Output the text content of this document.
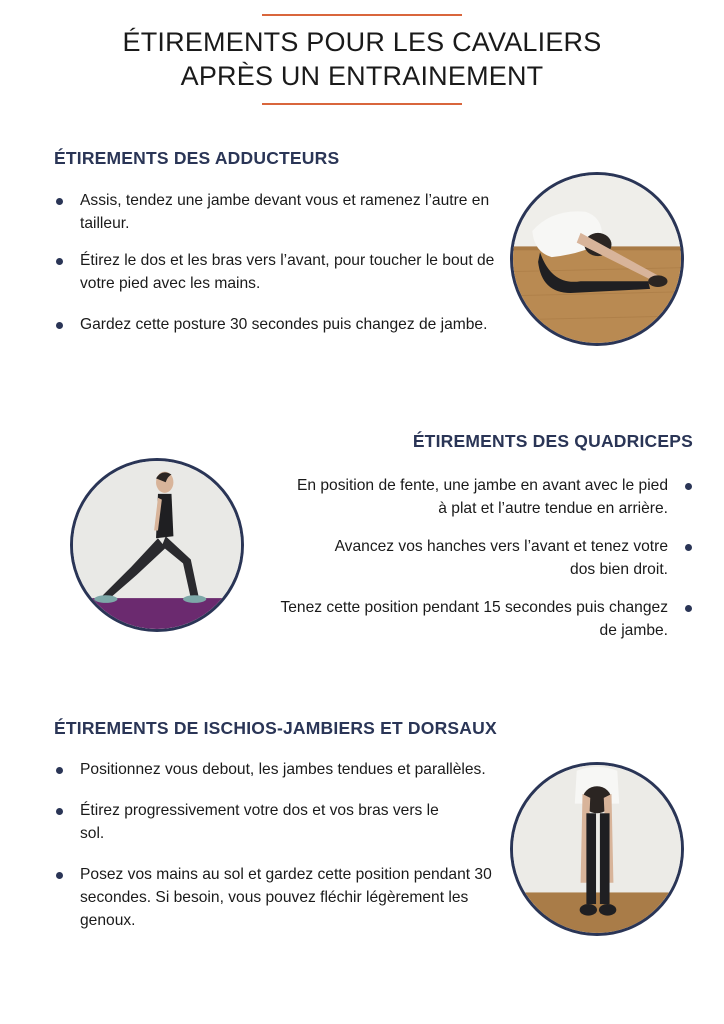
ÉTIREMENTS POUR LES CAVALIERS
APRÈS UN ENTRAINEMENT
ÉTIREMENTS DES ADDUCTEURS
Assis, tendez une jambe devant vous et ramenez l’autre en tailleur.
Étirez le dos et les bras vers l’avant, pour toucher le bout de votre pied avec les mains.
Gardez cette posture 30 secondes puis changez de jambe.
ÉTIREMENTS DES QUADRICEPS
En position de fente, une jambe en avant avec le pied à plat et l’autre tendue en arrière.
Avancez vos hanches vers l’avant et tenez votre dos bien droit.
Tenez cette position pendant 15 secondes puis changez de jambe.
ÉTIREMENTS DE ISCHIOS-JAMBIERS ET DORSAUX
Positionnez vous debout, les jambes tendues et parallèles.
Étirez progressivement votre dos et vos bras vers le sol.
Posez vos mains au sol et gardez cette position pendant 30 secondes. Si besoin, vous pouvez fléchir légèrement les genoux.
